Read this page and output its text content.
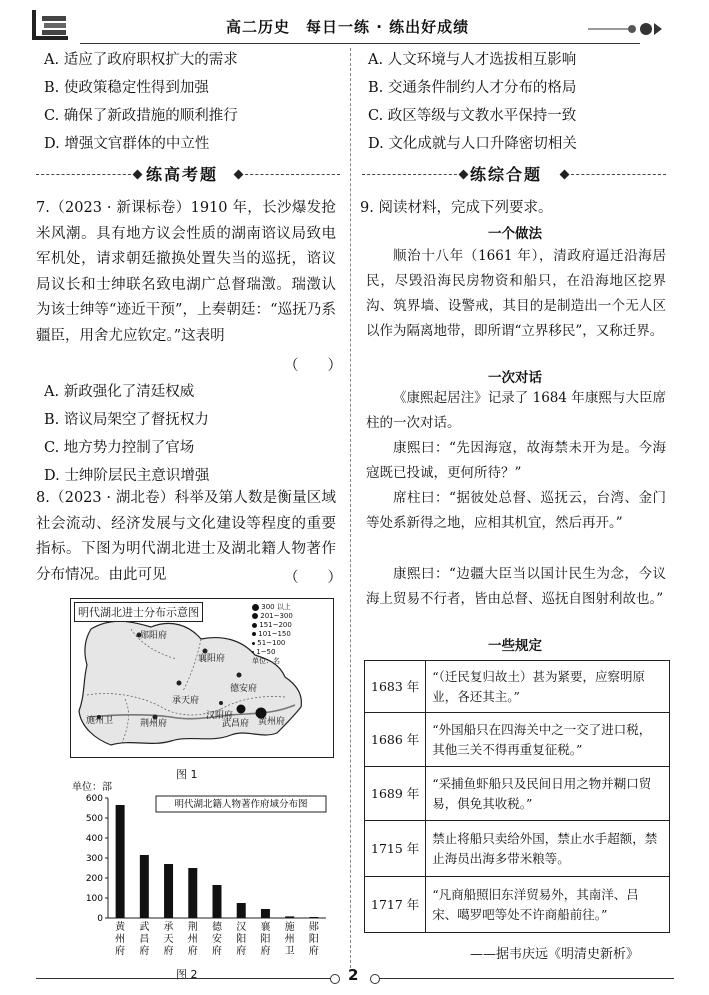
高二历史　每日一练 · 练出好成绩
A. 适应了政府职权扩大的需求
B. 使政策稳定性得到加强
C. 确保了新政措施的顺利推行
D. 增强文官群体的中立性
A. 人文环境与人才选拔相互影响
B. 交通条件制约人才分布的格局
C. 政区等级与文教水平保持一致
D. 文化成就与人口升降密切相关
练高考题	练综合题
7.（2023 · 新课标卷）1910 年，长沙爆发抢米风潮。具有地方议会性质的湖南谘议局致电军机处，请求朝廷撤换处置失当的巡抚，谘议局议长和士绅联名致电湖广总督瑞澂。瑞澂认为该士绅等“迹近干预”，上奏朝廷：“巡抚乃系疆臣，用舍尤应钦定。”这表明
（　　）
A. 新政强化了清廷权威
B. 谘议局架空了督抚权力
C. 地方势力控制了官场
D. 士绅阶层民主意识增强
8.（2023 · 湖北卷）科举及第人数是衡量区域社会流动、经济发展与文化建设等程度的重要指标。下图为明代湖北进士及湖北籍人物著作分布情况。由此可见	（　　）
明代湖北进士分布示意图	300 以上
201~300
151~200
101~150
51~100
1~50
单位：名
郧阳府
襄阳府
德安府
承天府
汉阳府
施州卫	荆州府	武昌府 黄州府
图 1
单位：部
0
100
200
300
400
500
600	明代湖北籍人物著作府域分布图
黄州府
武昌府
承天府
荆州府
德安府
汉阳府
襄阳府
施州卫
郧阳府
图 2
9. 阅读材料，完成下列要求。
一个做法
顺治十八年（1661 年），清政府逼迁沿海居民，尽毁沿海民房物资和船只，在沿海地区挖界沟、筑界墙、设警戒，其目的是制造出一个无人区以作为隔离地带，即所谓“立界移民”，又称迁界。
一次对话
《康熙起居注》记录了 1684 年康熙与大臣席柱的一次对话。
康熙曰：“先因海寇，故海禁未开为是。今海寇既已投诚，更何所待？”
席柱曰：“据彼处总督、巡抚云，台湾、金门等处系新得之地，应相其机宜，然后再开。”
康熙曰：“边疆大臣当以国计民生为念，今议海上贸易不行者，皆由总督、巡抚自图射利故也。”
一些规定
1683 年	“（迁民复归故土）甚为紧要，应察明原业，各还其主。”
1686 年	“外国船只在四海关中之一交了进口税，其他三关不得再重复征税。”
1689 年	“采捕鱼虾船只及民间日用之物并糊口贸易，俱免其收税。”
1715 年	禁止将船只卖给外国，禁止水手超额，禁止海员出海多带米粮等。
1717 年	“凡商船照旧东洋贸易外，其南洋、吕宋、噶罗吧等处不许商船前往。”
——据韦庆远《明清史新析》
2
